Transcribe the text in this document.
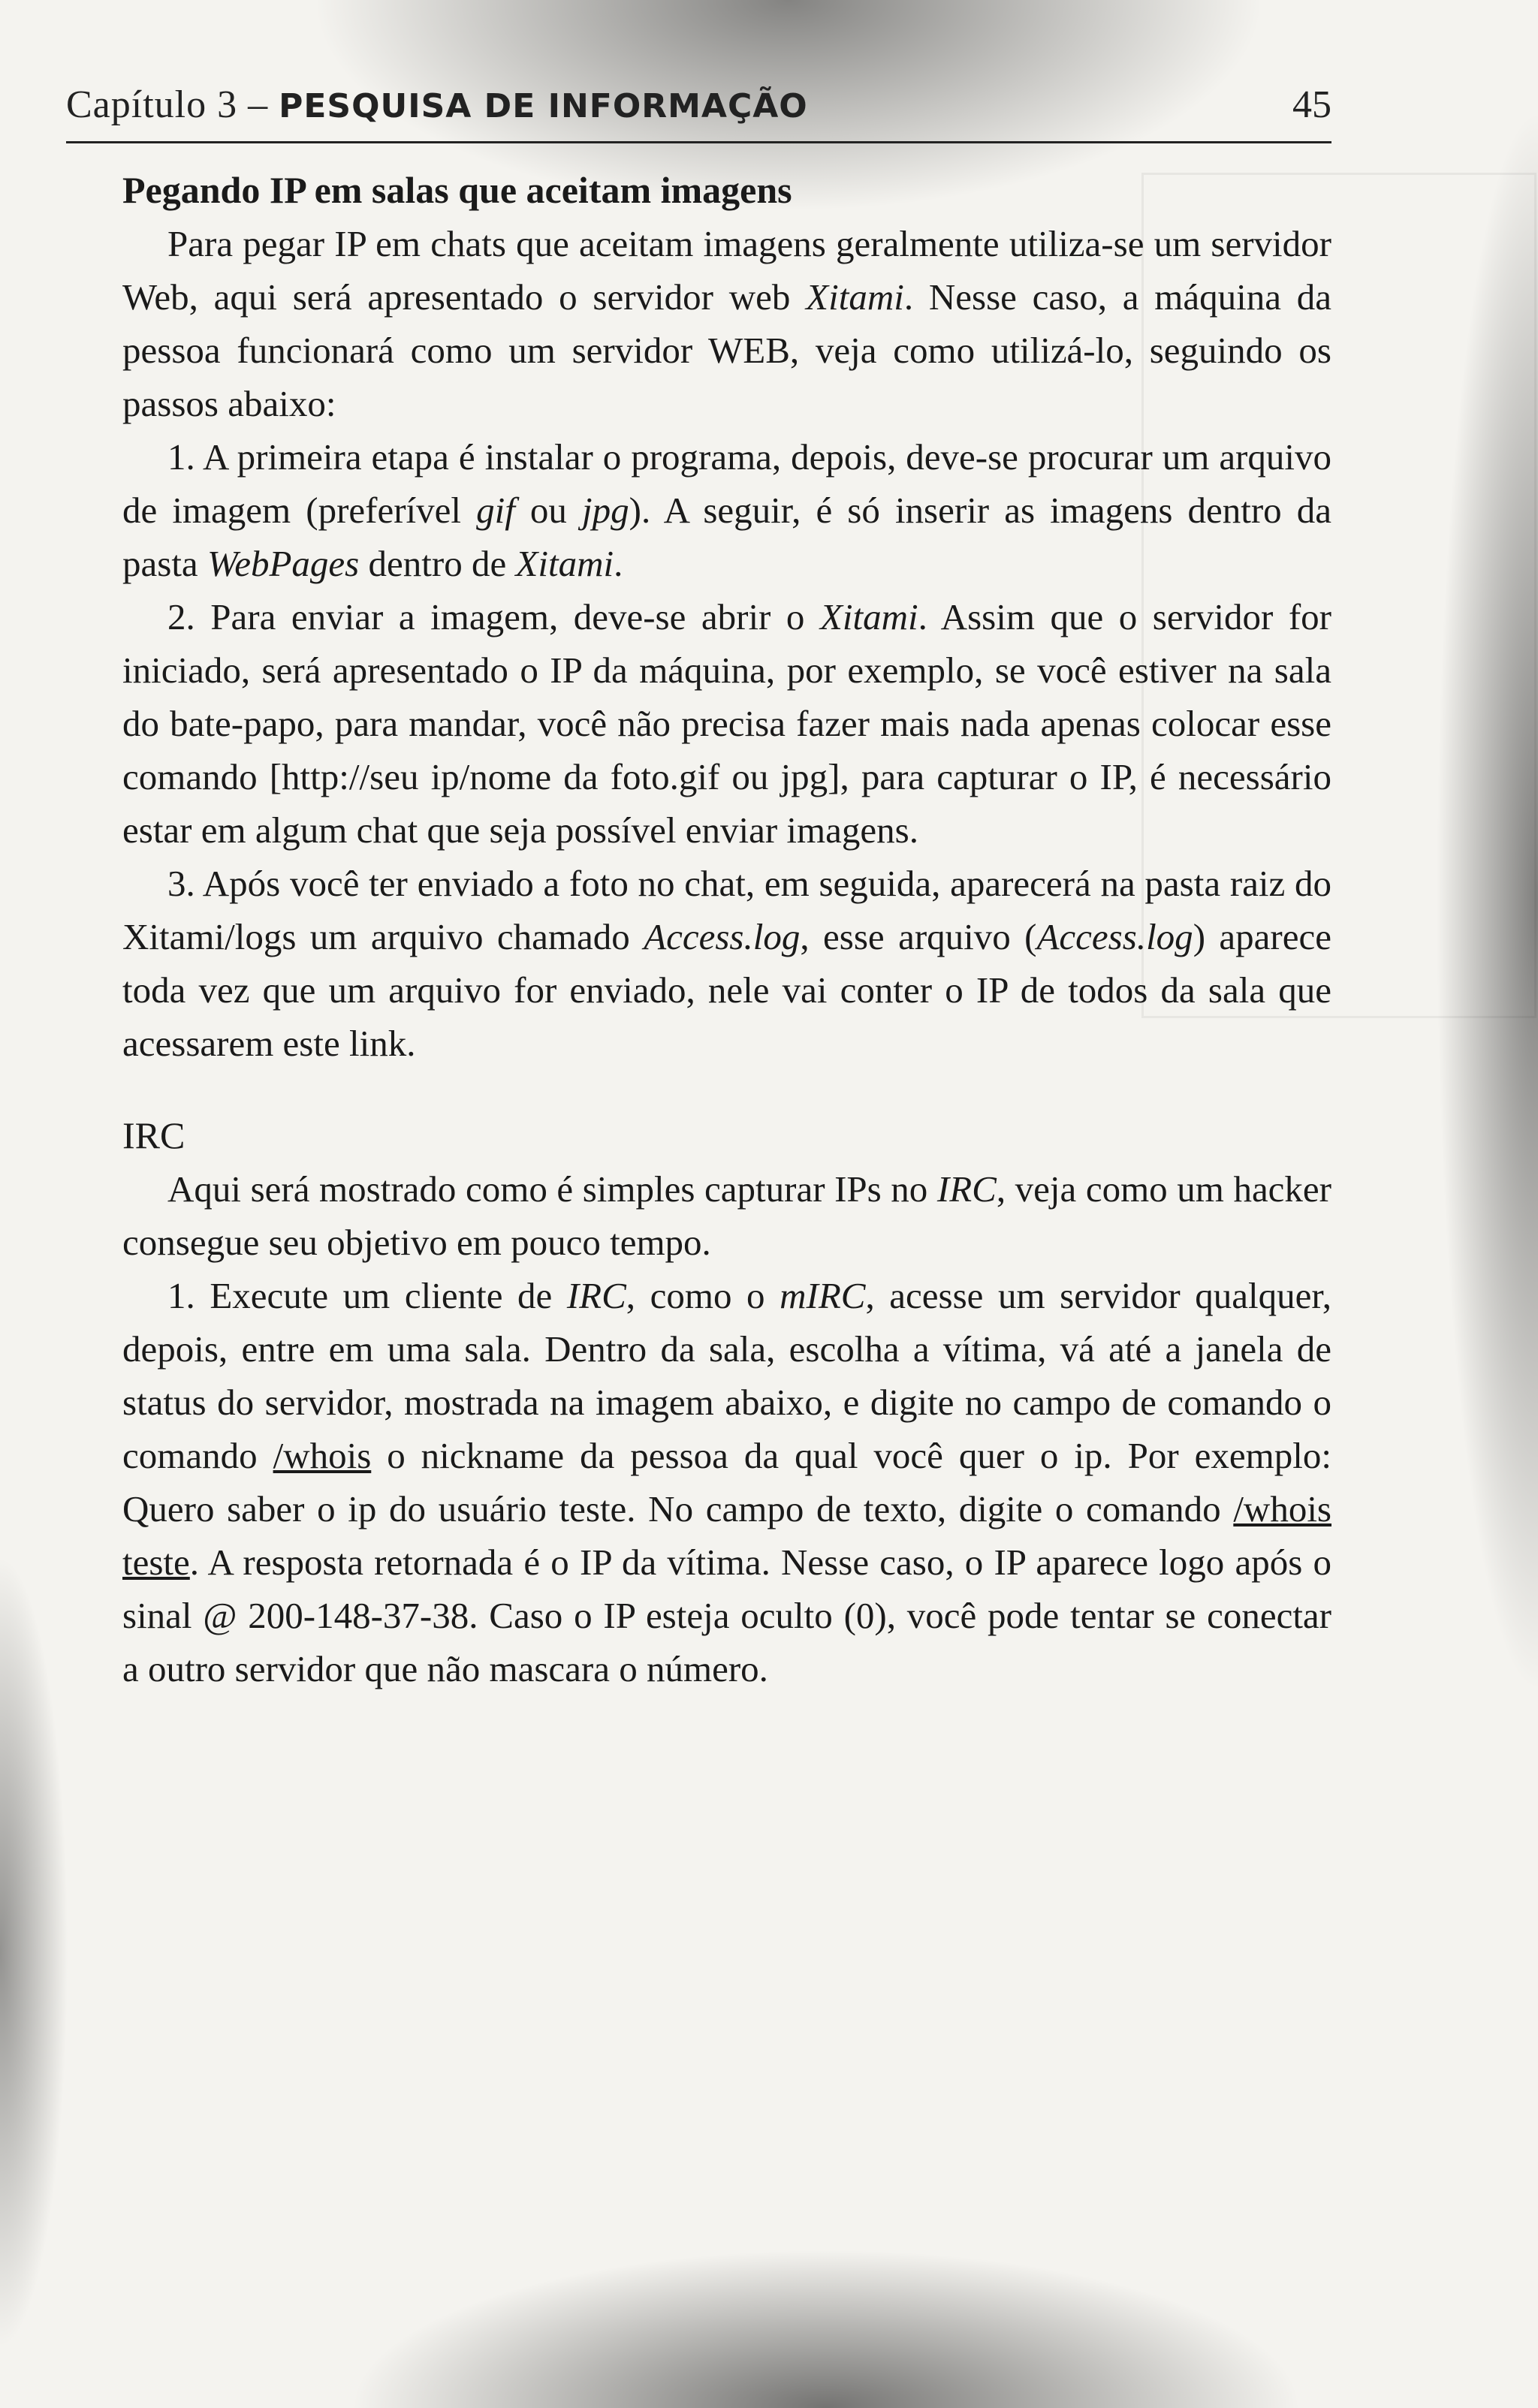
Capítulo 3 – PESQUISA DE INFORMAÇÃO	45
Pegando IP em salas que aceitam imagens

Para pegar IP em chats que aceitam imagens geralmente utiliza-se um servidor Web, aqui será apresentado o servidor web Xitami. Nesse caso, a máquina da pessoa funcionará como um servidor WEB, veja como utilizá-lo, seguindo os passos abaixo:

1. A primeira etapa é instalar o programa, depois, deve-se procurar um arquivo de imagem (preferível gif ou jpg). A seguir, é só inserir as imagens dentro da pasta WebPages dentro de Xitami.

2. Para enviar a imagem, deve-se abrir o Xitami. Assim que o servidor for iniciado, será apresentado o IP da máquina, por exemplo, se você estiver na sala do bate-papo, para mandar, você não precisa fazer mais nada apenas colocar esse comando [http://seu ip/nome da foto.gif ou jpg], para capturar o IP, é necessário estar em algum chat que seja possível enviar imagens.

3. Após você ter enviado a foto no chat, em seguida, aparecerá na pasta raiz do Xitami/logs um arquivo chamado Access.log, esse arquivo (Access.log) aparece toda vez que um arquivo for enviado, nele vai conter o IP de todos da sala que acessarem este link.

IRC

Aqui será mostrado como é simples capturar IPs no IRC, veja como um hacker consegue seu objetivo em pouco tempo.

1. Execute um cliente de IRC, como o mIRC, acesse um servidor qualquer, depois, entre em uma sala. Dentro da sala, escolha a vítima, vá até a janela de status do servidor, mostrada na imagem abaixo, e digite no campo de comando o comando /whois o nickname da pessoa da qual você quer o ip. Por exemplo: Quero saber o ip do usuário teste. No campo de texto, digite o comando /whois teste. A resposta retornada é o IP da vítima. Nesse caso, o IP aparece logo após o sinal @ 200-148-37-38. Caso o IP esteja oculto (0), você pode tentar se conectar a outro servidor que não mascara o número.
